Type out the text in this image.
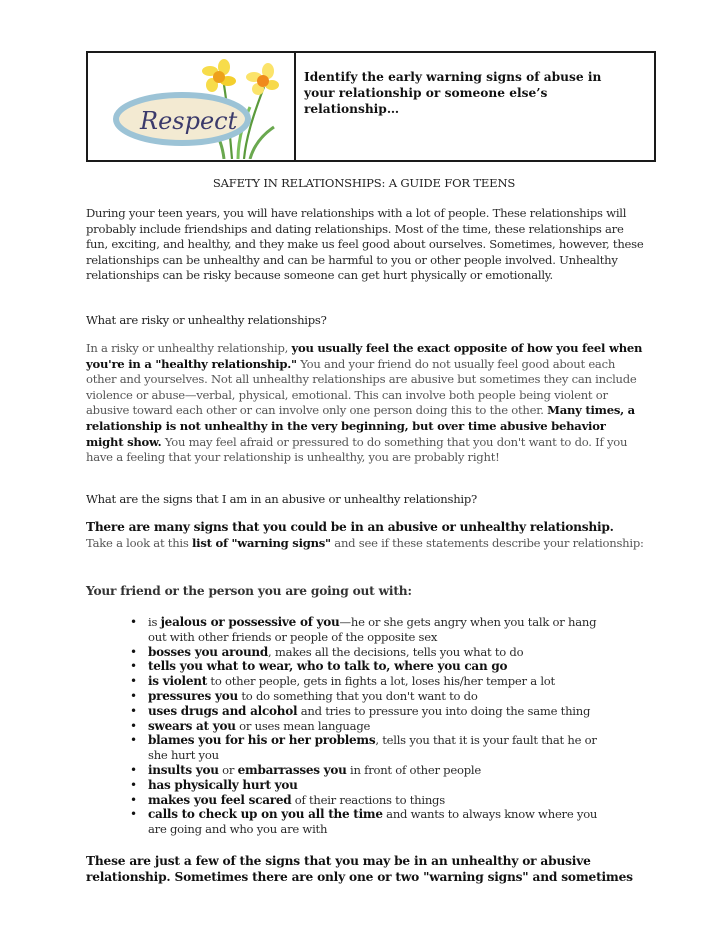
Respect
Identify the early warning signs of abuse in your relationship or someone else’s relationship…
SAFETY IN RELATIONSHIPS: A GUIDE FOR TEENS

During your teen years, you will have relationships with a lot of people. These relationships will probably include friendships and dating relationships. Most of the time, these relationships are fun, exciting, and healthy, and they make us feel good about ourselves. Sometimes, however, these relationships can be unhealthy and can be harmful to you or other people involved. Unhealthy relationships can be risky because someone can get hurt physically or emotionally.

What are risky or unhealthy relationships?

In a risky or unhealthy relationship, you usually feel the exact opposite of how you feel when you're in a "healthy relationship." You and your friend do not usually feel good about each other and yourselves. Not all unhealthy relationships are abusive but sometimes they can include violence or abuse—verbal, physical, emotional. This can involve both people being violent or abusive toward each other or can involve only one person doing this to the other. Many times, a relationship is not unhealthy in the very beginning, but over time abusive behavior might show. You may feel afraid or pressured to do something that you don't want to do. If you have a feeling that your relationship is unhealthy, you are probably right!

What are the signs that I am in an abusive or unhealthy relationship?

There are many signs that you could be in an abusive or unhealthy relationship.
Take a look at this list of "warning signs" and see if these statements describe your relationship:

Your friend or the person you are going out with:
• is jealous or possessive of you—he or she gets angry when you talk or hang out with other friends or people of the opposite sex
• bosses you around, makes all the decisions, tells you what to do
• tells you what to wear, who to talk to, where you can go
• is violent to other people, gets in fights a lot, loses his/her temper a lot
• pressures you to do something that you don't want to do
• uses drugs and alcohol and tries to pressure you into doing the same thing
• swears at you or uses mean language
• blames you for his or her problems, tells you that it is your fault that he or she hurt you
• insults you or embarrasses you in front of other people
• has physically hurt you
• makes you feel scared of their reactions to things
• calls to check up on you all the time and wants to always know where you are going and who you are with
These are just a few of the signs that you may be in an unhealthy or abusive relationship. Sometimes there are only one or two "warning signs" and sometimes
